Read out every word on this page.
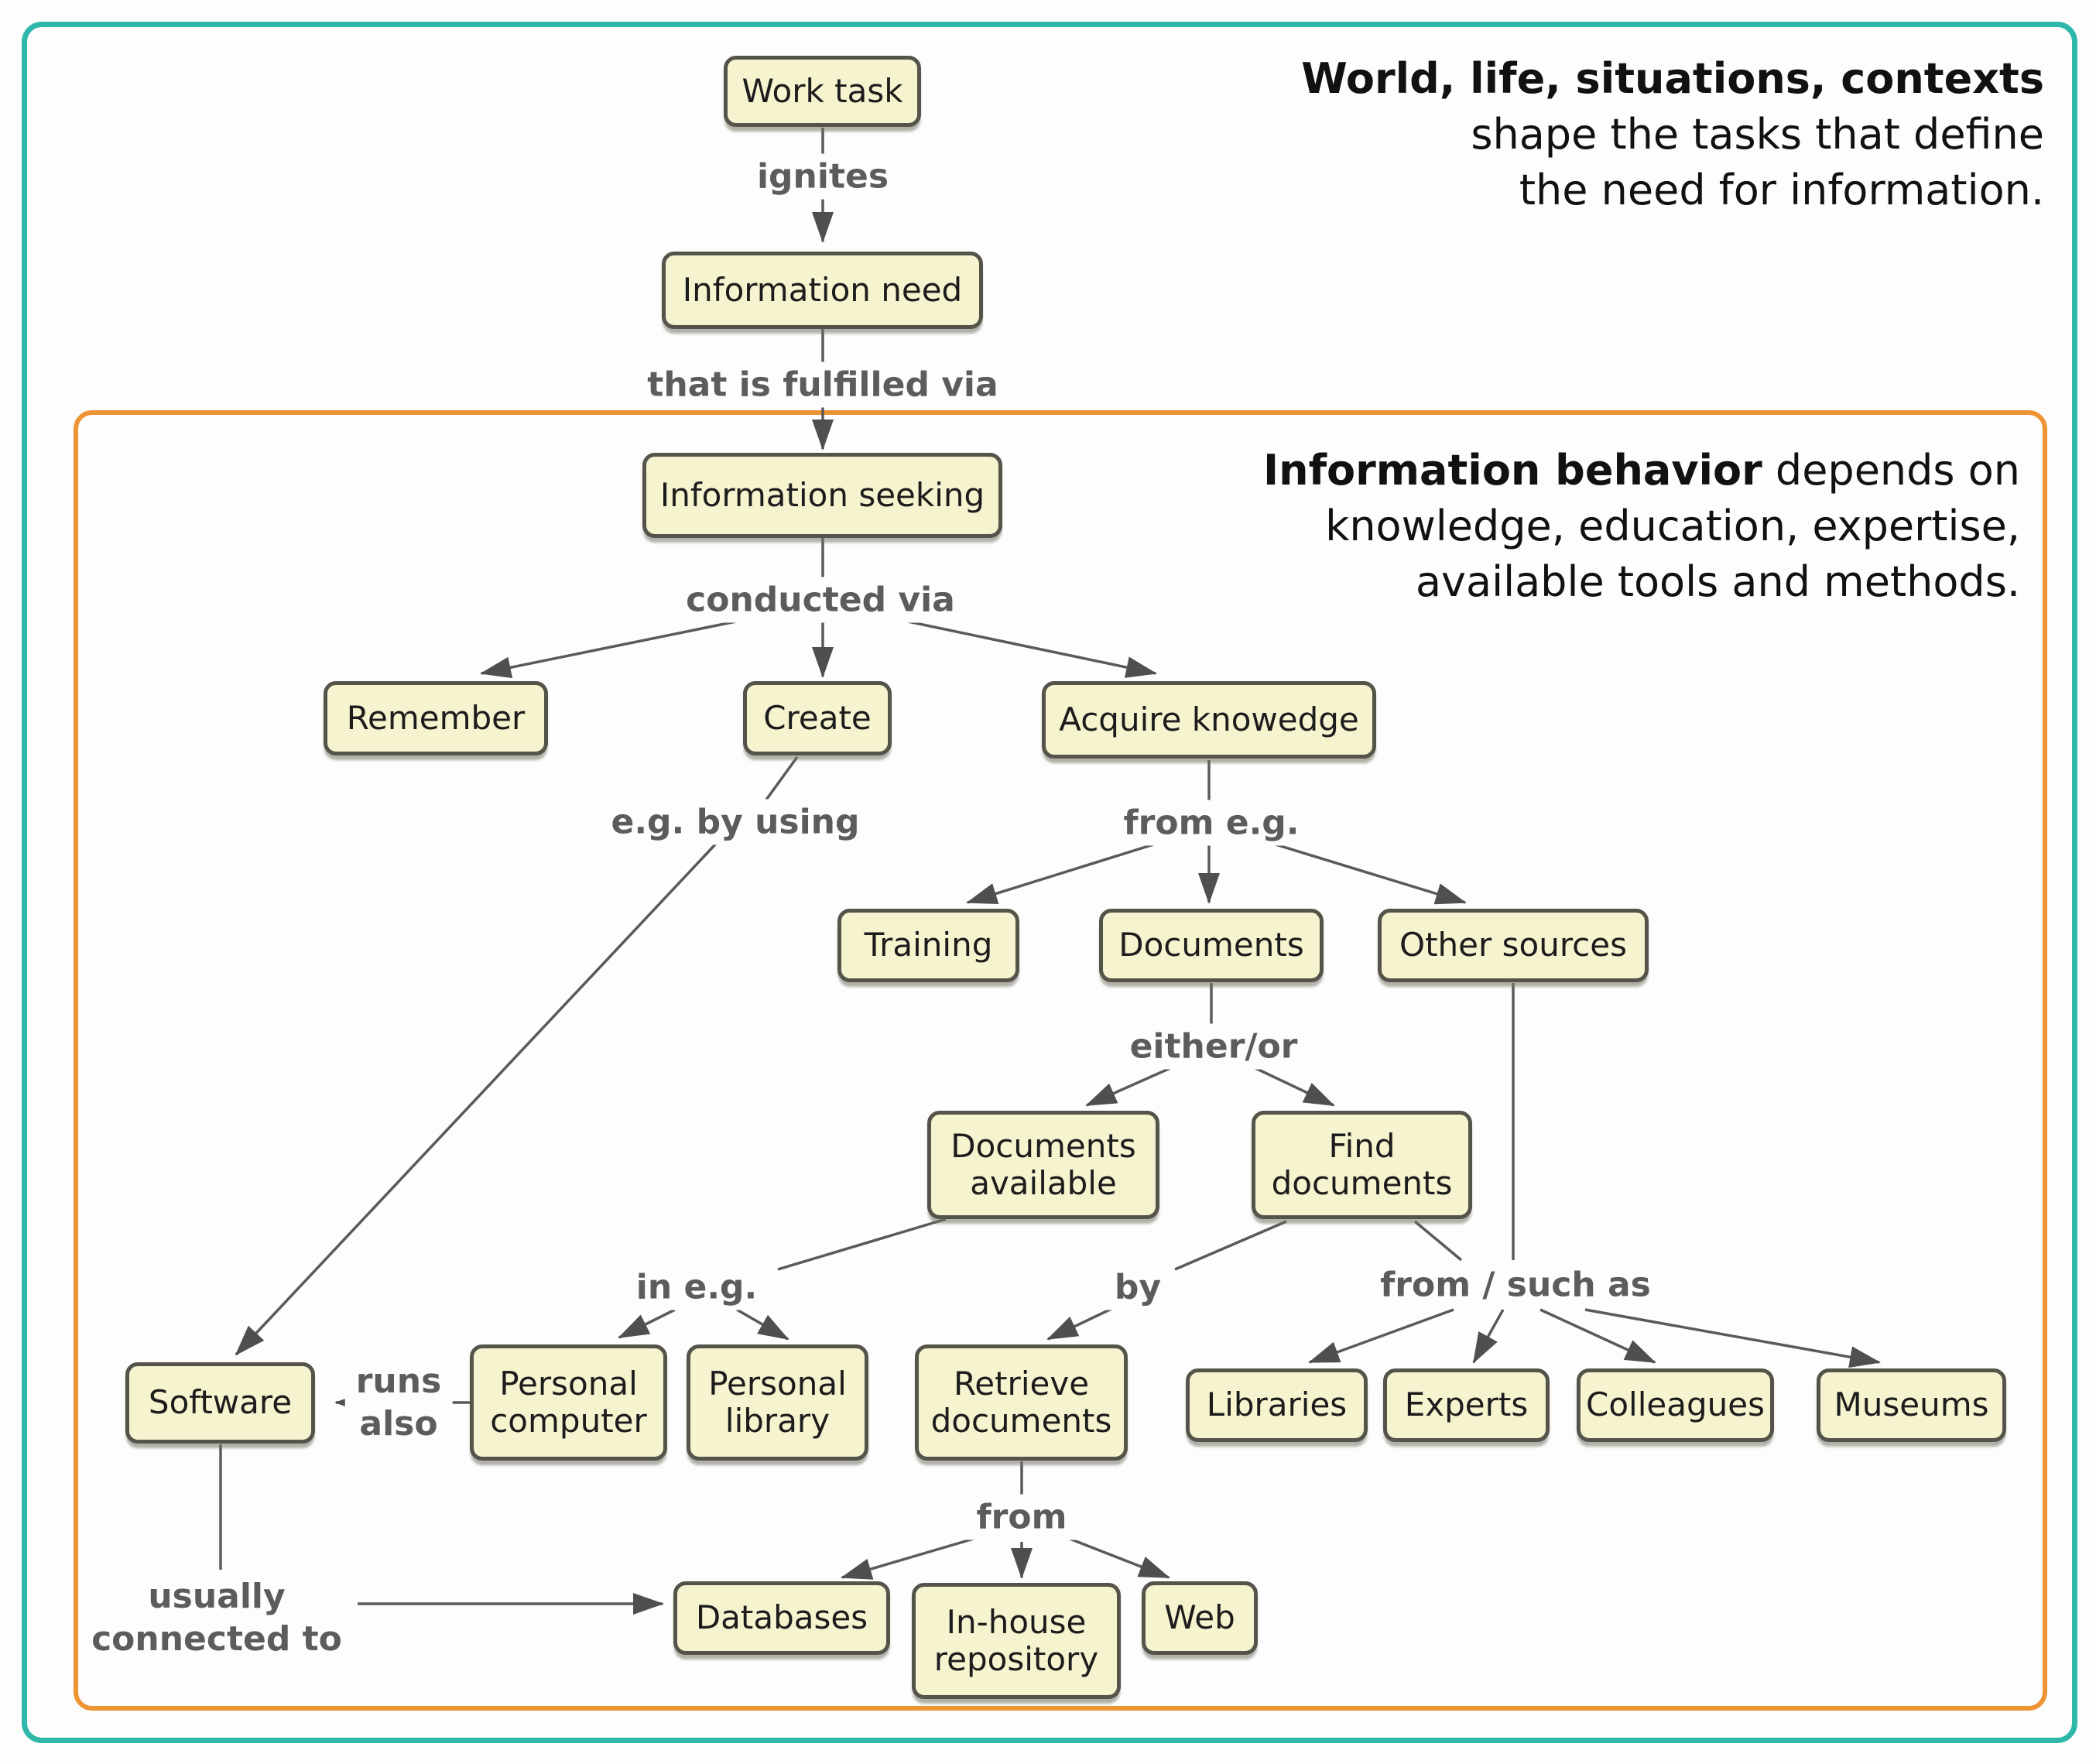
World, life, situations, contexts
shape the tasks that define
the need for information.
Information behavior depends on
knowledge, education, expertise,
available tools and methods.
Work task
Information need
Information seeking
Remember	Create	Acquire knowedge
Training	Documents	Other sources
Documents available
Find documents
Software
Personal computer
Personal library
Retrieve documents	Libraries	Experts	Colleagues	Museums
Databases	In-house repository
Web
ignites
that is fulfilled via
conducted via
e.g. by using	from e.g.
either/or
in e.g.	by	from / such as
runs
also
from
usually
connected to
